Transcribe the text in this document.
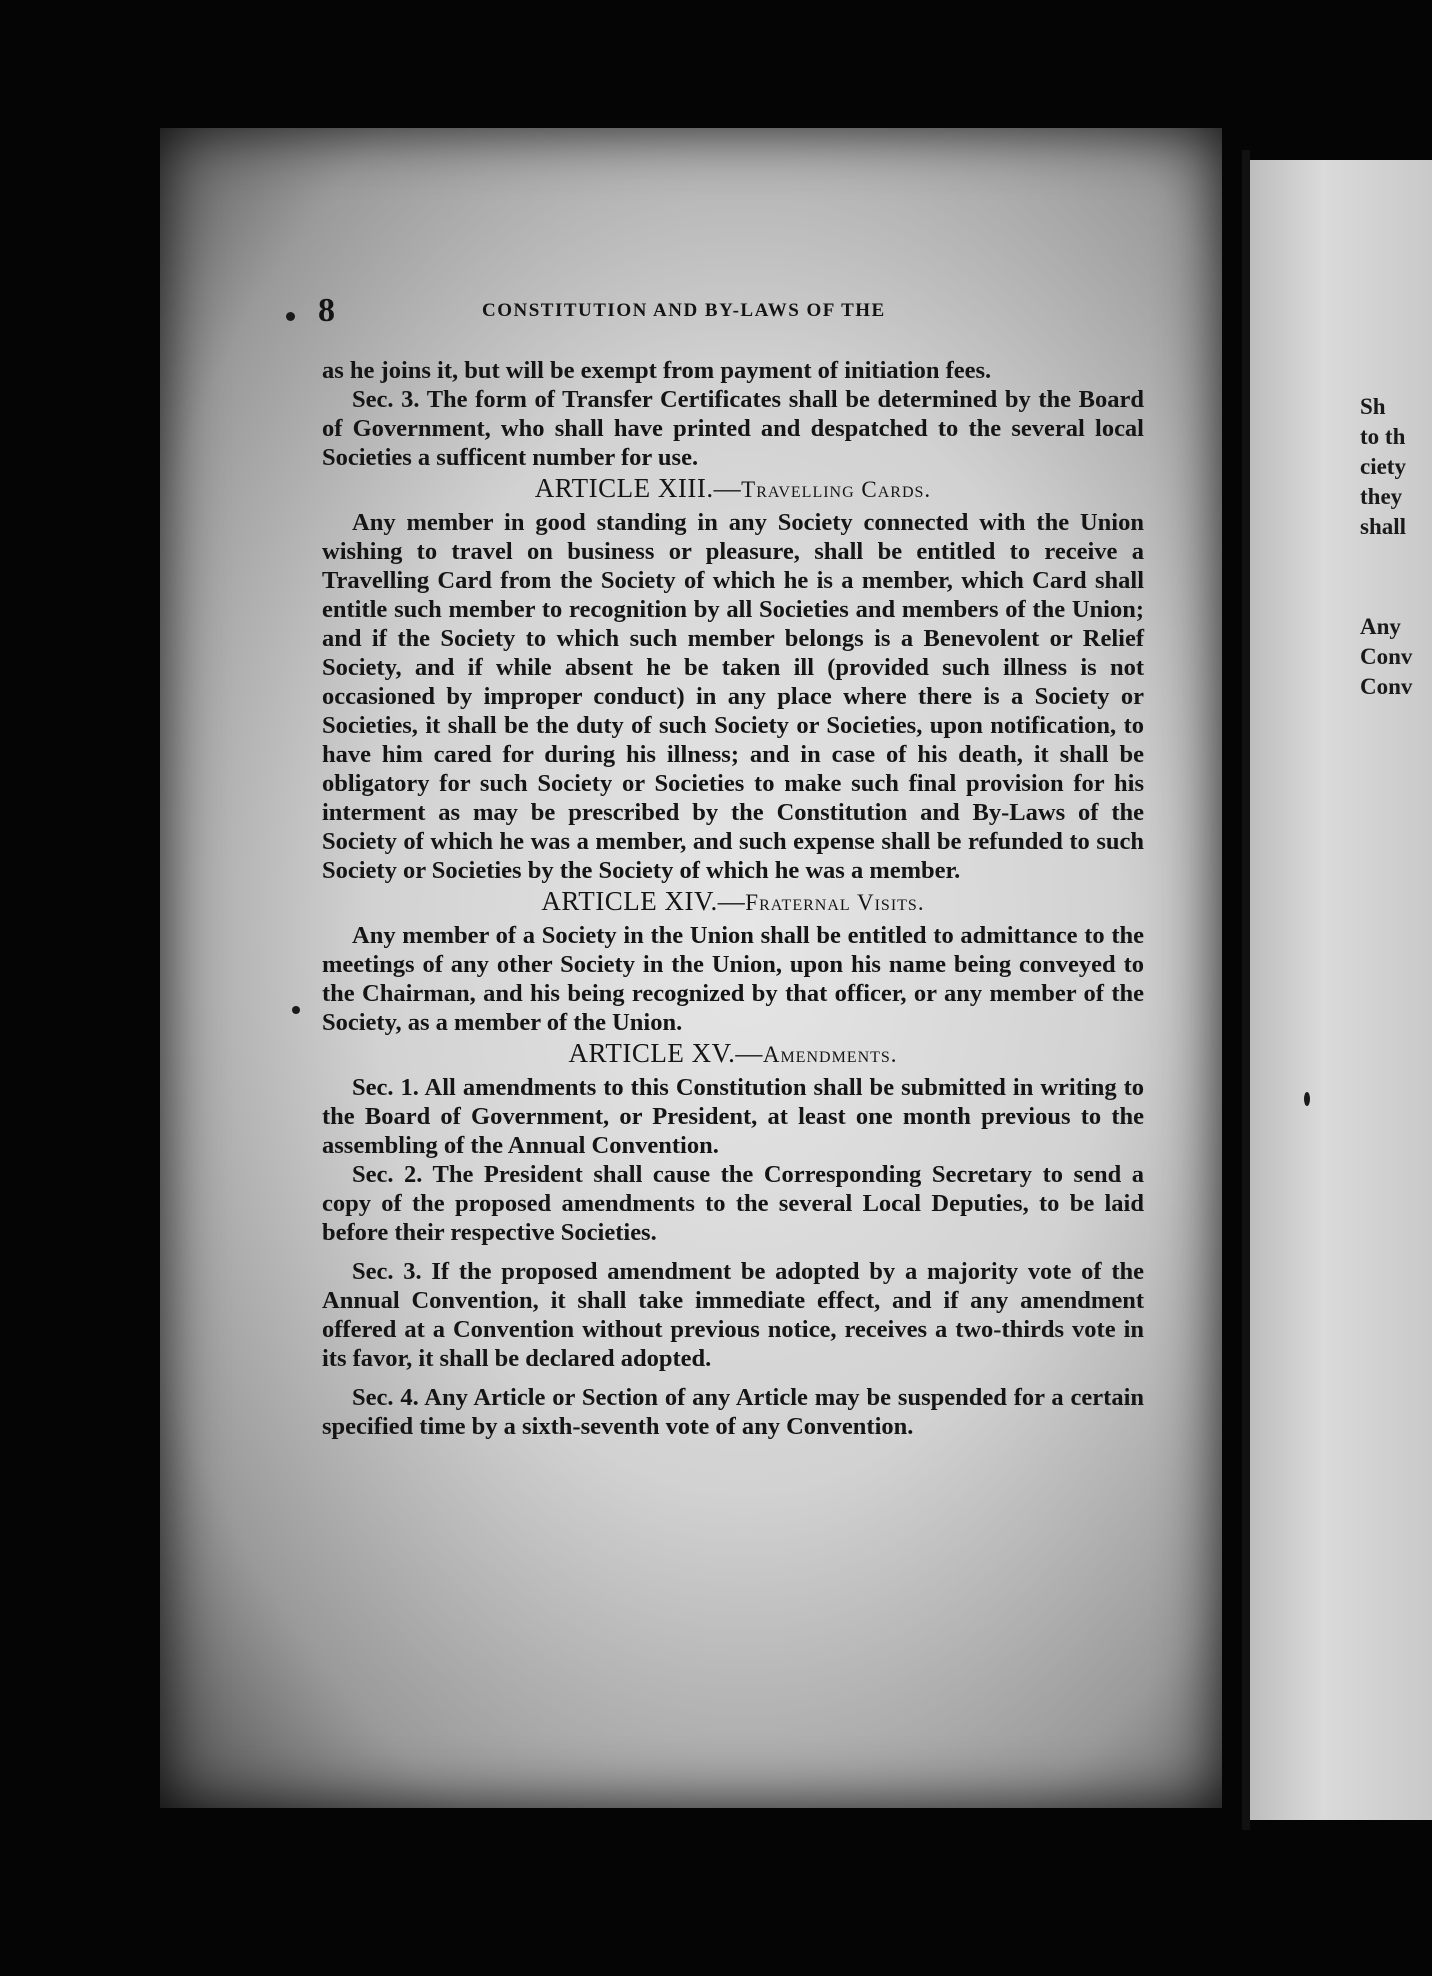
Sh
to th
ciety
they
shall
Any
Conv
Conv
8	CONSTITUTION AND BY-LAWS OF THE

as he joins it, but will be exempt from payment of initiation fees.

Sec. 3. The form of Transfer Certificates shall be determined by the Board of Government, who shall have printed and despatched to the several local Societies a sufficent number for use.

ARTICLE XIII.—Travelling Cards.

Any member in good standing in any Society connected with the Union wishing to travel on business or pleasure, shall be entitled to receive a Travelling Card from the Society of which he is a member, which Card shall entitle such member to recognition by all Societies and members of the Union; and if the Society to which such member belongs is a Benevolent or Relief Society, and if while absent he be taken ill (provided such illness is not occasioned by improper conduct) in any place where there is a Society or Societies, it shall be the duty of such Society or Societies, upon notification, to have him cared for during his illness; and in case of his death, it shall be obligatory for such Society or Societies to make such final provision for his interment as may be prescribed by the Constitution and By-Laws of the Society of which he was a member, and such expense shall be refunded to such Society or Societies by the Society of which he was a member.

ARTICLE XIV.—Fraternal Visits.

Any member of a Society in the Union shall be entitled to admittance to the meetings of any other Society in the Union, upon his name being conveyed to the Chairman, and his being recognized by that officer, or any member of the Society, as a member of the Union.

ARTICLE XV.—Amendments.

Sec. 1. All amendments to this Constitution shall be submitted in writing to the Board of Government, or President, at least one month previous to the assembling of the Annual Convention.

Sec. 2. The President shall cause the Corresponding Secretary to send a copy of the proposed amendments to the several Local Deputies, to be laid before their respective Societies.

Sec. 3. If the proposed amendment be adopted by a majority vote of the Annual Convention, it shall take immediate effect, and if any amendment offered at a Convention without previous notice, receives a two-thirds vote in its favor, it shall be declared adopted.

Sec. 4. Any Article or Section of any Article may be suspended for a certain specified time by a sixth-seventh vote of any Convention.
